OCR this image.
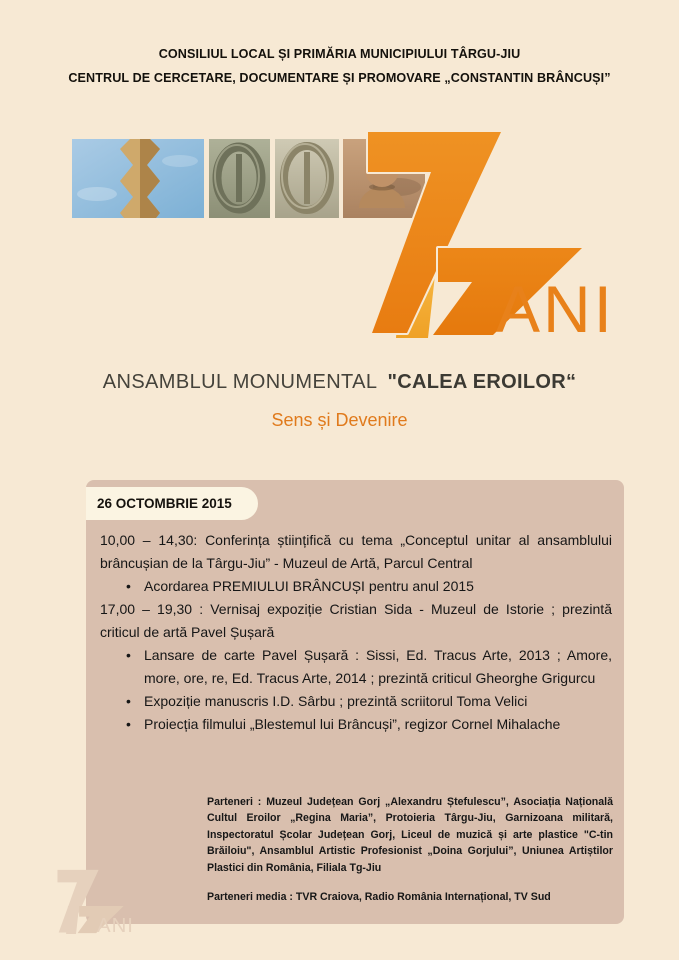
CONSILIUL LOCAL ȘI PRIMĂRIA MUNICIPIULUI TÂRGU-JIU
CENTRUL DE CERCETARE, DOCUMENTARE ȘI PROMOVARE „CONSTANTIN BRÂNCUȘI”
ANI
ANSAMBLUL MONUMENTAL "CALEA EROILOR“
Sens și Devenire
26 OCTOMBRIE 2015

10,00 – 14,30: Conferința științifică cu tema „Conceptul unitar al ansamblului brâncușian de la Târgu-Jiu” - Muzeul de Artă, Parcul Central

• Acordarea PREMIULUI BRÂNCUȘI pentru anul 2015

17,00 – 19,30 : Vernisaj expoziție Cristian Sida - Muzeul de Istorie ; prezintă criticul de artă Pavel Șușară

• Lansare de carte Pavel Șușară : Sissi, Ed. Tracus Arte, 2013 ; Amore, more, ore, re, Ed. Tracus Arte, 2014 ; prezintă criticul Gheorghe Grigurcu
• Expoziție manuscris I.D. Sârbu ; prezintă scriitorul Toma Velici
• Proiecția filmului „Blestemul lui Brâncuși”, regizor Cornel Mihalache
Parteneri : Muzeul Județean Gorj „Alexandru Ștefulescu”, Asociația Națională Cultul Eroilor „Regina Maria”, Protoieria Târgu-Jiu, Garnizoana militară, Inspectoratul Școlar Județean Gorj, Liceul de muzică și arte plastice "C-tin Brăiloiu", Ansamblul Artistic Profesionist „Doina Gorjului”, Uniunea Artiștilor Plastici din România, Filiala Tg-Jiu
Parteneri media : TVR Craiova, Radio România Internațional, TV Sud
ANI
